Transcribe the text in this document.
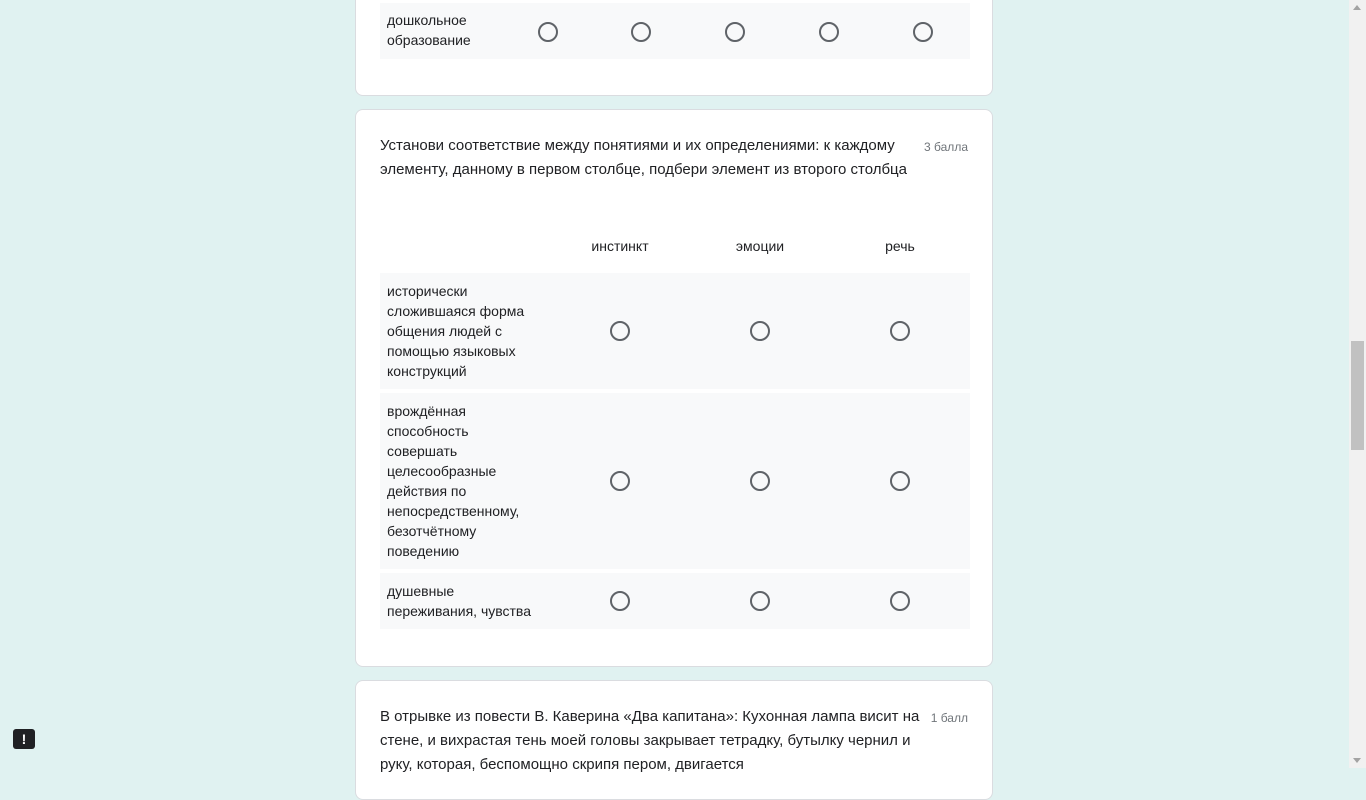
дошкольное образование
Установи соответствие между понятиями и их определениями: к каждому элементу, данному в первом столбце, подбери элемент из второго столбца
3 балла
инстинкт	эмоции	речь
исторически сложившаяся форма общения людей с помощью языковых конструкций
врождённая способность совершать целесообразные действия по непосредственному, безотчётному поведению
душевные переживания, чувства
В отрывке из повести В. Каверина «Два капитана»: Кухонная лампа висит на стене, и вихрастая тень моей головы закрывает тетрадку, бутылку чернил и руку, которая, беспомощно скрипя пером, двигается
1 балл
!
